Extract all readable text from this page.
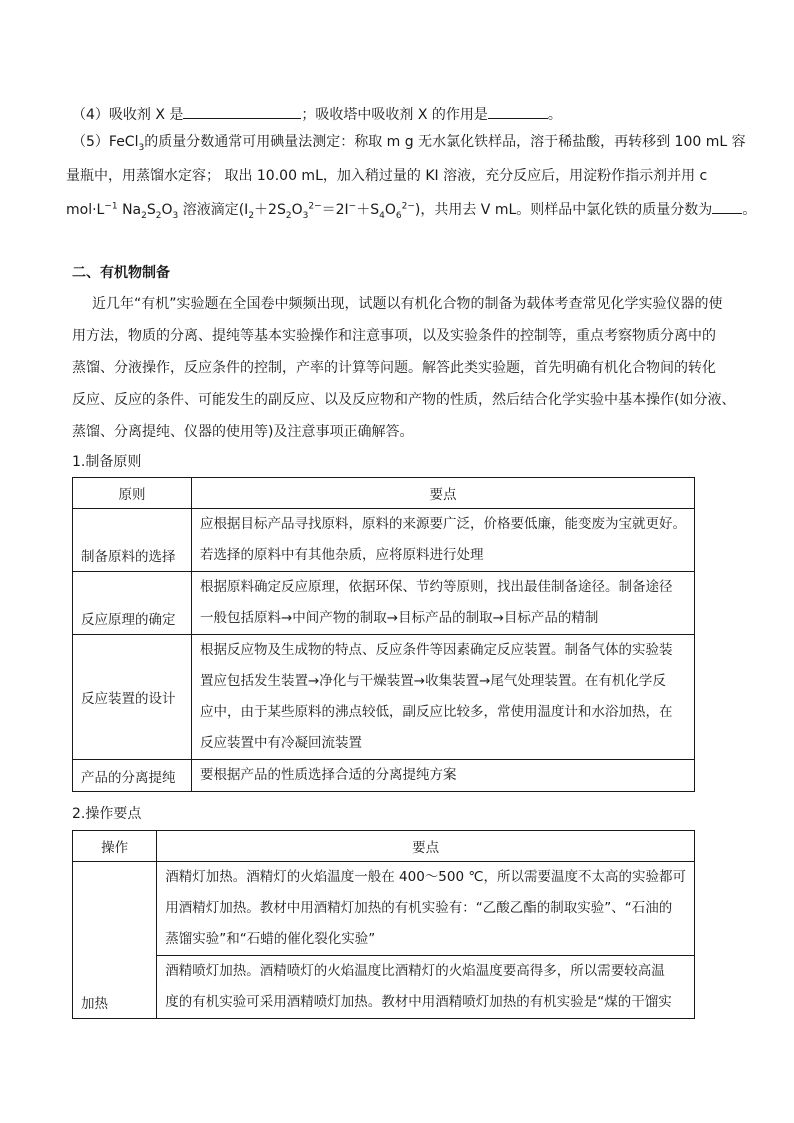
（4）吸收剂 X 是	；吸收塔中吸收剂 X 的作用是	。
（5）FeCl$_3$的质量分数通常可用碘量法测定：称取 m g 无水氯化铁样品，溶于稀盐酸，再转移到 100 mL 容
量瓶中，用蒸馏水定容； 取出 10.00 mL，加入稍过量的 KI 溶液，充分反应后，用淀粉作指示剂并用 c
$mol\cdot L^{-1}$ $Na_2S_2O_3$ 溶液滴定$(I_2+2S_2O_3^{2-}=2I^-+S_4O_6^{2-})$，共用去 V mL。则样品中氯化铁的质量分数为 。
二、有机物制备
近几年“有机”实验题在全国卷中频频出现，试题以有机化合物的制备为载体考查常见化学实验仪器的使
用方法，物质的分离、提纯等基本实验操作和注意事项，以及实验条件的控制等，重点考察物质分离中的
蒸馏、分液操作，反应条件的控制，产率的计算等问题。解答此类实验题，首先明确有机化合物间的转化
反应、反应的条件、可能发生的副反应、以及反应物和产物的性质，然后结合化学实验中基本操作(如分液、
蒸馏、分离提纯、仪器的使用等)及注意事项正确解答。
1.制备原则
原则	要点
制备原料的选择	应根据目标产品寻找原料，原料的来源要广泛，价格要低廉，能变废为宝就更好。
若选择的原料中有其他杂质，应将原料进行处理

反应原理的确定	根据原料确定反应原理，依据环保、节约等原则，找出最佳制备途径。制备途径
一般包括原料→中间产物的制取→目标产品的制取→目标产品的精制

反应装置的设计	根据反应物及生成物的特点、反应条件等因素确定反应装置。制备气体的实验装
置应包括发生装置→净化与干燥装置→收集装置→尾气处理装置。在有机化学反
应中，由于某些原料的沸点较低，副反应比较多，常使用温度计和水浴加热，在
反应装置中有冷凝回流装置

产品的分离提纯	要根据产品的性质选择合适的分离提纯方案
2.操作要点
操作	要点
加热	酒精灯加热。酒精灯的火焰温度一般在 400～500 ℃，所以需要温度不太高的实验都可
用酒精灯加热。教材中用酒精灯加热的有机实验有：“乙酸乙酯的制取实验”、“石油的
蒸馏实验”和“石蜡的催化裂化实验”

	酒精喷灯加热。酒精喷灯的火焰温度比酒精灯的火焰温度要高得多，所以需要较高温
度的有机实验可采用酒精喷灯加热。教材中用酒精喷灯加热的有机实验是“煤的干馏实
